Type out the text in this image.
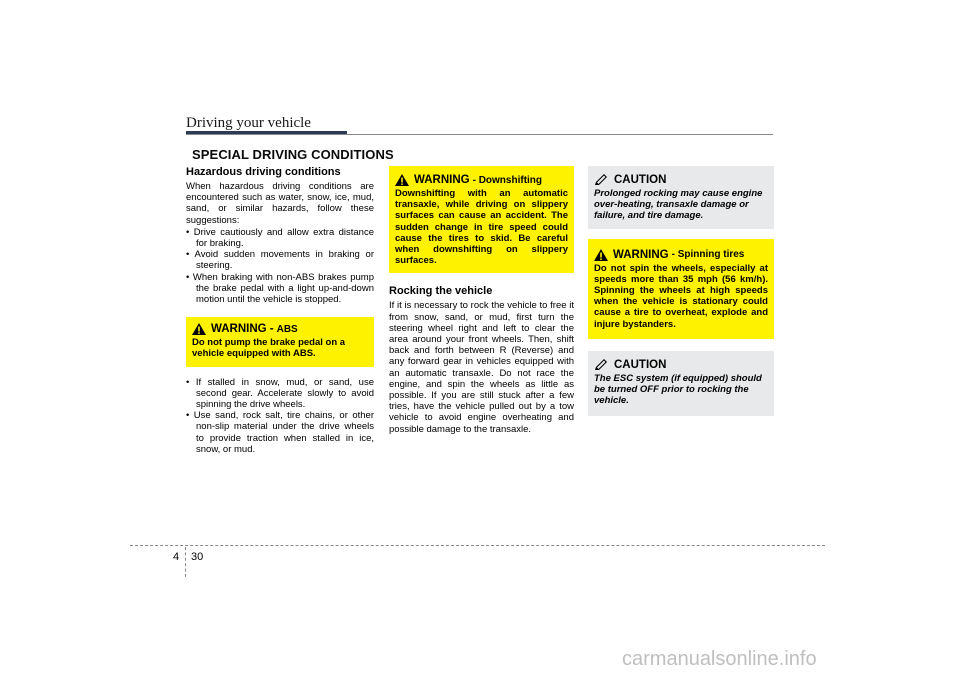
Driving your vehicle
SPECIAL DRIVING CONDITIONS
Hazardous driving conditions

When hazardous driving conditions are encountered such as water, snow, ice, mud, sand, or similar hazards, follow these suggestions:

• Drive cautiously and allow extra distance for braking.
• Avoid sudden movements in braking or steering.
• When braking with non-ABS brakes pump the brake pedal with a light up-and-down motion until the vehicle is stopped.
WARNING - ABS
Do not pump the brake pedal on a vehicle equipped with ABS.
• If stalled in snow, mud, or sand, use second gear. Accelerate slowly to avoid spinning the drive wheels.
• Use sand, rock salt, tire chains, or other non-slip material under the drive wheels to provide traction when stalled in ice, snow, or mud.
WARNING - Downshifting
Downshifting with an automatic transaxle, while driving on slippery surfaces can cause an accident. The sudden change in tire speed could cause the tires to skid. Be careful when downshifting on slippery surfaces.
Rocking the vehicle

If it is necessary to rock the vehicle to free it from snow, sand, or mud, first turn the steering wheel right and left to clear the area around your front wheels. Then, shift back and forth between R (Reverse) and any forward gear in vehicles equipped with an automatic transaxle. Do not race the engine, and spin the wheels as little as possible. If you are still stuck after a few tries, have the vehicle pulled out by a tow vehicle to avoid engine overheating and possible damage to the transaxle.

CAUTION
Prolonged rocking may cause engine over-heating, transaxle damage or failure, and tire damage.
WARNING - Spinning tires
Do not spin the wheels, especially at speeds more than 35 mph (56 km/h). Spinning the wheels at high speeds when the vehicle is stationary could cause a tire to overheat, explode and injure bystanders.
CAUTION
The ESC system (if equipped) should be turned OFF prior to rocking the vehicle.
4 30
carmanualsonline.info
